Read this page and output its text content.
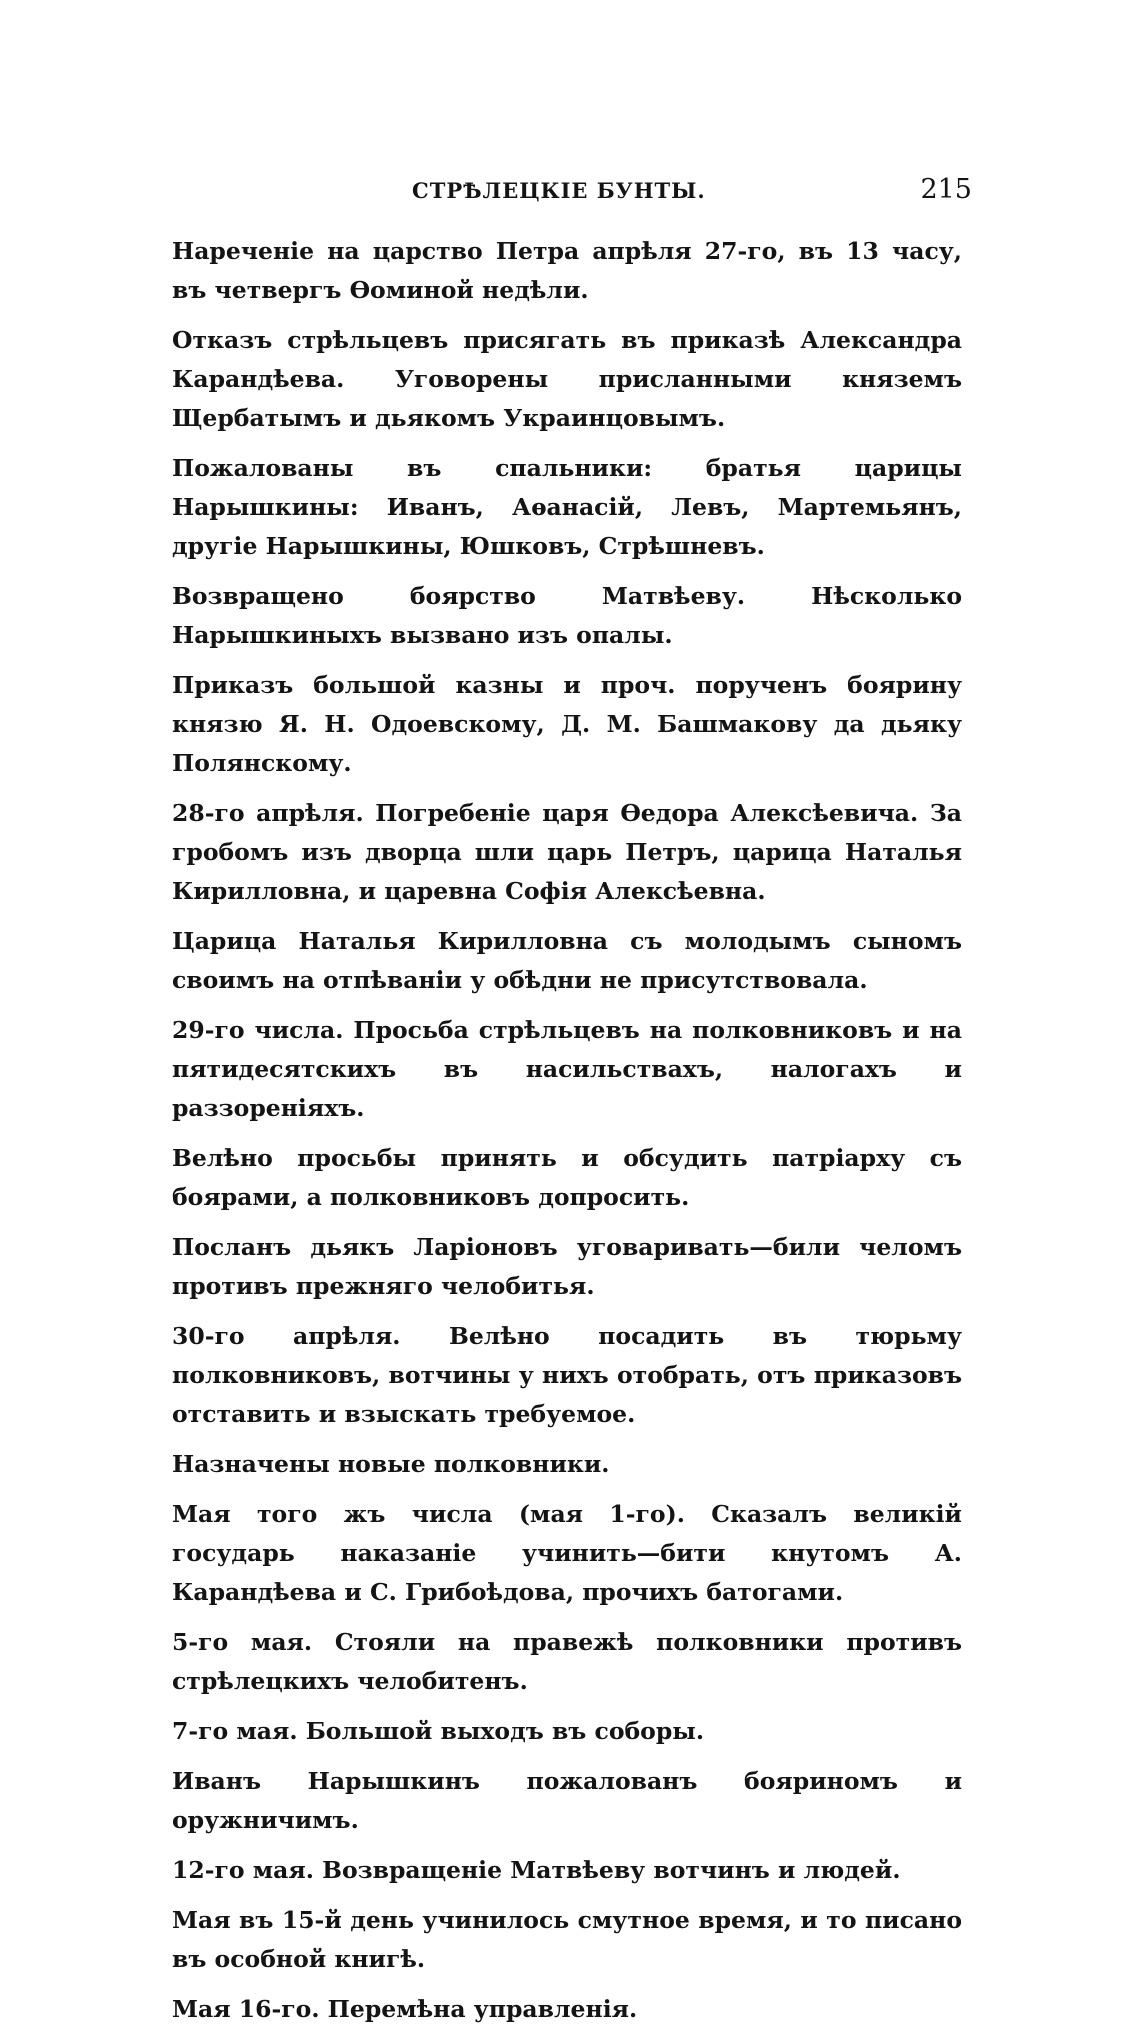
СТРѢЛЕЦКІЕ БУНТЫ.	215

Нареченіе на царство Петра апрѣля 27-го, въ 13 часу, въ четвергъ Ѳоминой недѣли.

Отказъ стрѣльцевъ присягать въ приказѣ Александра Карандѣева. Уговорены присланными княземъ Щербатымъ и дьякомъ Украинцовымъ.

Пожалованы въ спальники: братья царицы Нарышкины: Иванъ, Аѳанасій, Левъ, Мартемьянъ, другіе Нарышкины, Юшковъ, Стрѣшневъ.

Возвращено боярство Матвѣеву. Нѣсколько Нарышкиныхъ вызвано изъ опалы.

Приказъ большой казны и проч. порученъ боярину князю Я. Н. Одоевскому, Д. М. Башмакову да дьяку Полянскому.

28-го апрѣля. Погребеніе царя Ѳедора Алексѣевича. За гробомъ изъ дворца шли царь Петръ, царица Наталья Кирилловна, и царевна Софія Алексѣевна.

Царица Наталья Кирилловна съ молодымъ сыномъ своимъ на отпѣваніи у обѣдни не присутствовала.

29-го числа. Просьба стрѣльцевъ на полковниковъ и на пятидесятскихъ въ насильствахъ, налогахъ и раззореніяхъ.

Велѣно просьбы принять и обсудить патріарху съ боярами, а полковниковъ допросить.

Посланъ дьякъ Ларіоновъ уговаривать—били челомъ противъ прежняго челобитья.

30-го апрѣля. Велѣно посадить въ тюрьму полковниковъ, вотчины у нихъ отобрать, отъ приказовъ отставить и взыскать требуемое.

Назначены новые полковники.

Мая того жъ числа (мая 1-го). Сказалъ великій государь наказаніе учинить—бити кнутомъ А. Карандѣева и С. Грибоѣдова, прочихъ батогами.

5-го мая. Стояли на правежѣ полковники противъ стрѣлецкихъ челобитенъ.

7-го мая. Большой выходъ въ соборы.

Иванъ Нарышкинъ пожалованъ бояриномъ и оружничимъ.

12-го мая. Возвращеніе Матвѣеву вотчинъ и людей.

Мая въ 15-й день учинилось смутное время, и то писано въ особной книгѣ.

Мая 16-го. Перемѣна управленія.
